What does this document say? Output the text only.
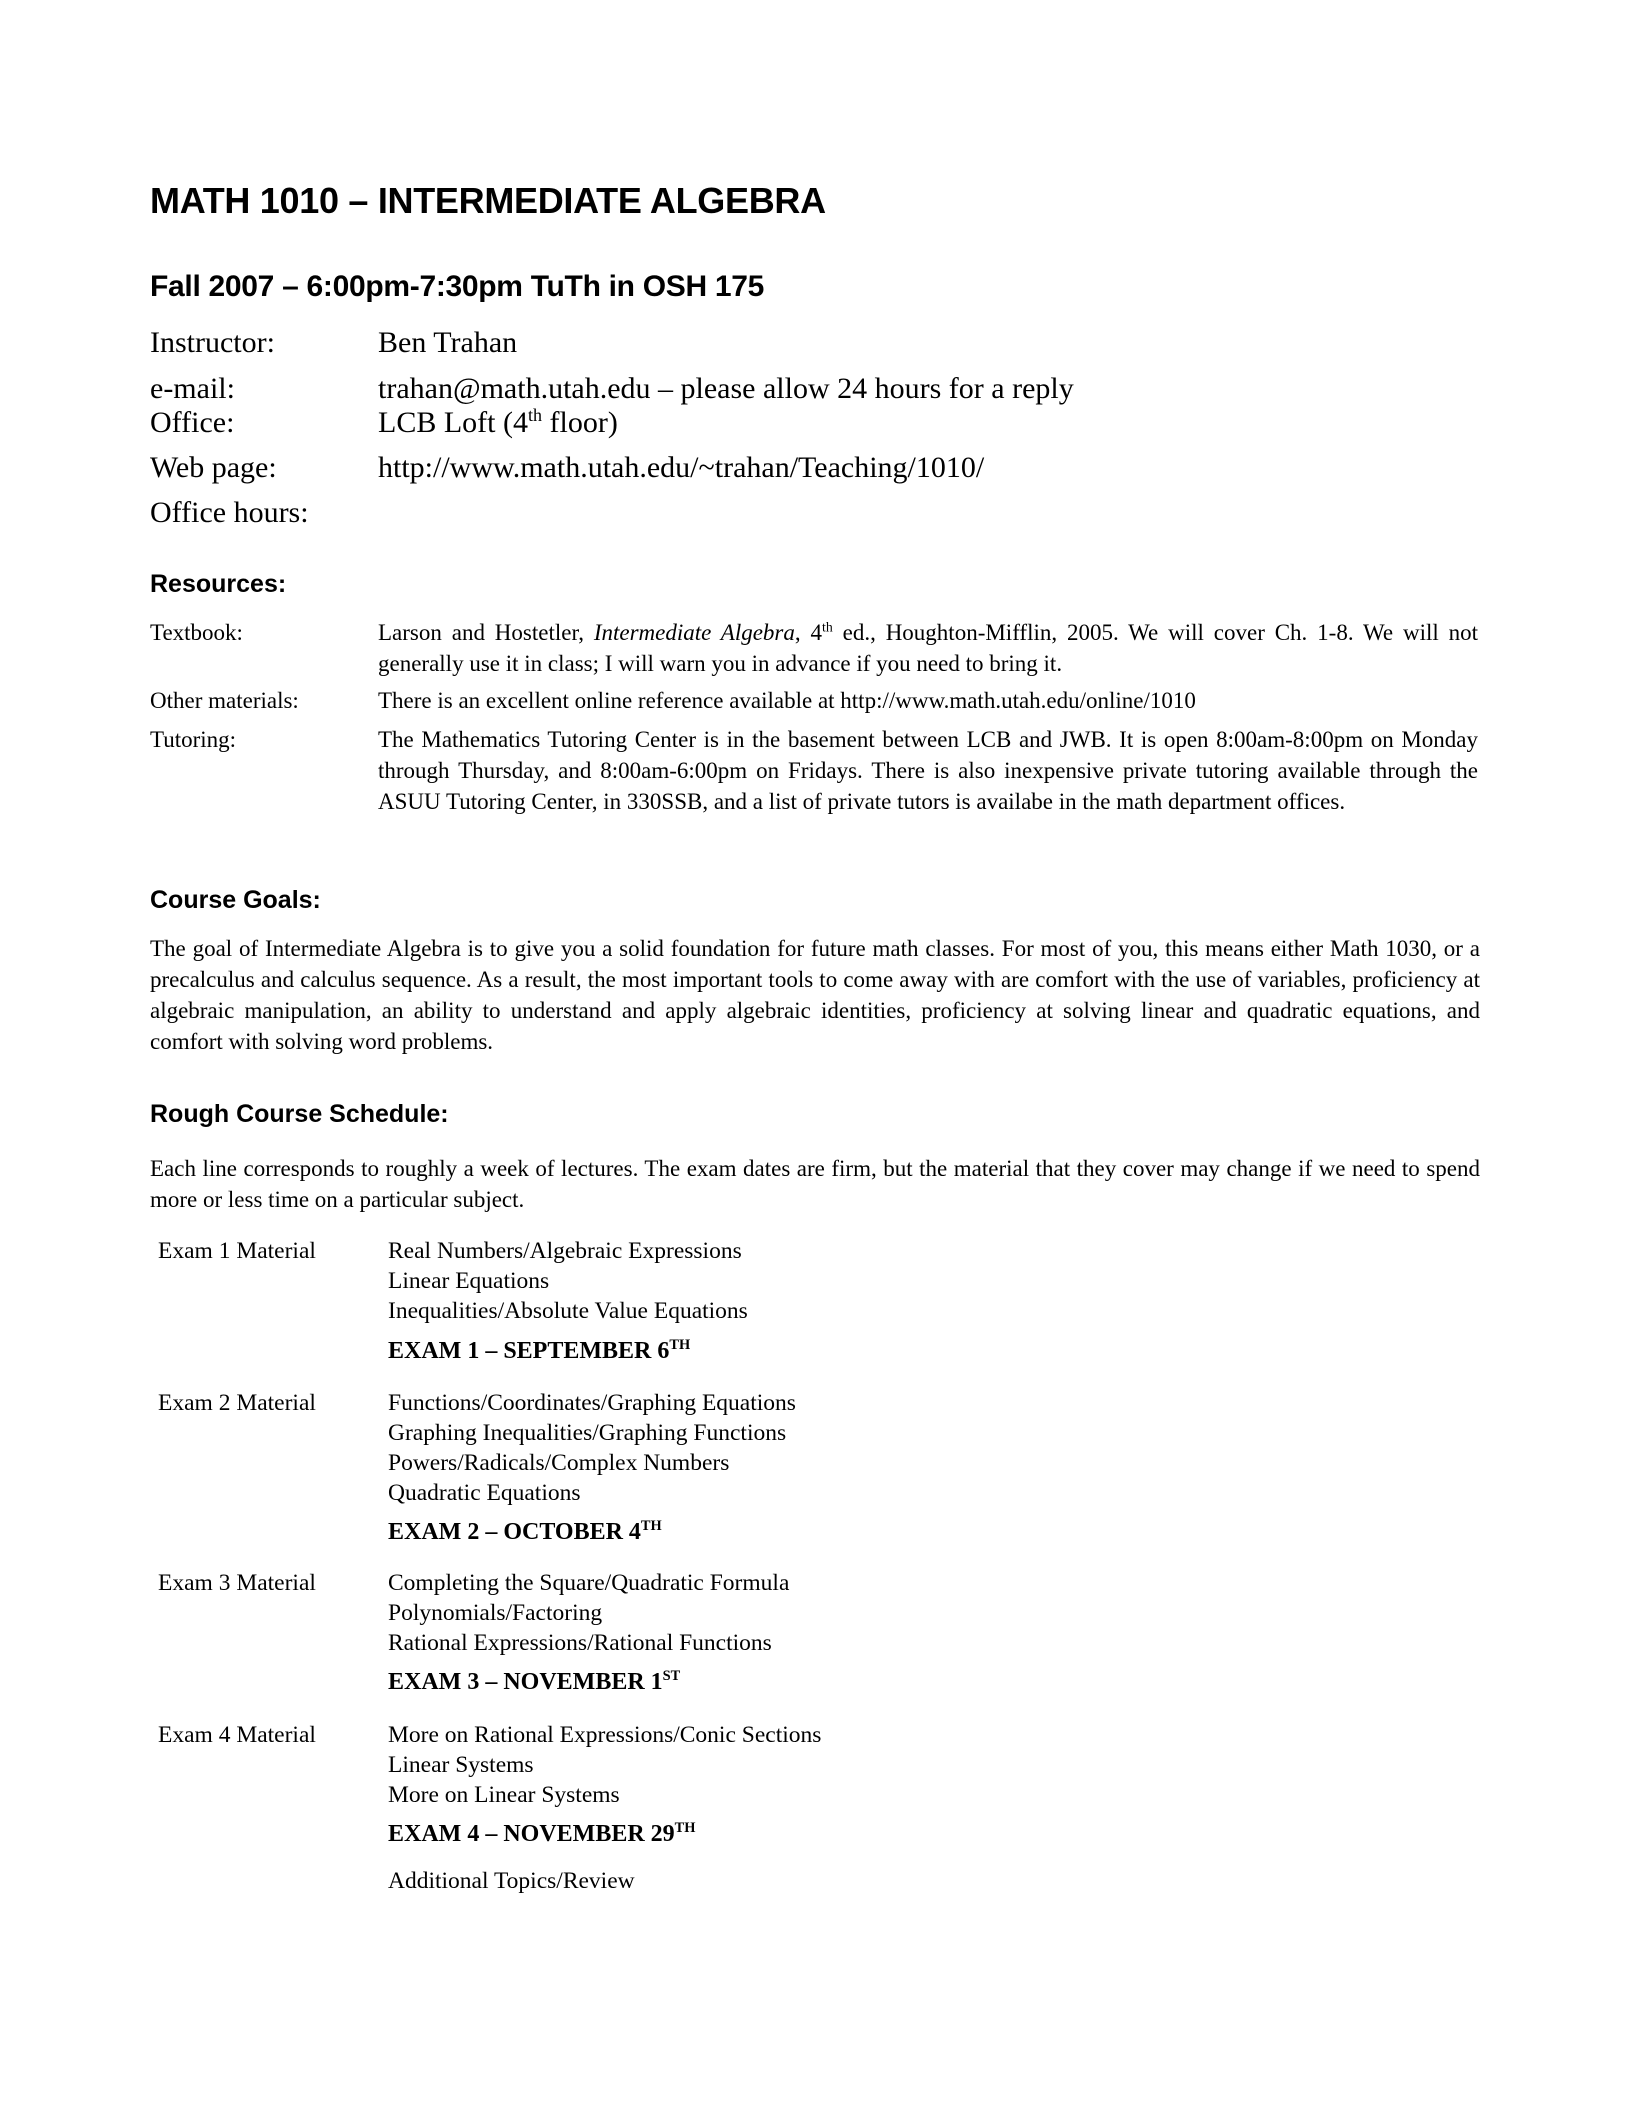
MATH 1010 – INTERMEDIATE ALGEBRA
Fall 2007 – 6:00pm-7:30pm TuTh in OSH 175
Instructor:	Ben Trahan
e-mail:	trahan@math.utah.edu – please allow 24 hours for a reply
Office:	LCB Loft (4th floor)
Web page:	http://www.math.utah.edu/~trahan/Teaching/1010/
Office hours:
Resources:
Textbook:	Larson and Hostetler, Intermediate Algebra, 4th ed., Houghton-Mifflin, 2005. We will cover Ch. 1-8. We will not generally use it in class; I will warn you in advance if you need to bring it.
Other materials:	There is an excellent online reference available at http://www.math.utah.edu/online/1010
Tutoring:	The Mathematics Tutoring Center is in the basement between LCB and JWB. It is open 8:00am-8:00pm on Monday through Thursday, and 8:00am-6:00pm on Fridays. There is also inexpensive private tutoring available through the ASUU Tutoring Center, in 330SSB, and a list of private tutors is availabe in the math department offices.
Course Goals:

The goal of Intermediate Algebra is to give you a solid foundation for future math classes. For most of you, this means either Math 1030, or a precalculus and calculus sequence. As a result, the most important tools to come away with are comfort with the use of variables, proficiency at algebraic manipulation, an ability to understand and apply algebraic identities, proficiency at solving linear and quadratic equations, and comfort with solving word problems.

Rough Course Schedule:

Each line corresponds to roughly a week of lectures. The exam dates are firm, but the material that they cover may change if we need to spend more or less time on a particular subject.

Exam 1 Material	Real Numbers/Algebraic Expressions
Linear Equations
Inequalities/Absolute Value Equations
EXAM 1 – SEPTEMBER 6TH
Exam 2 Material	Functions/Coordinates/Graphing Equations
Graphing Inequalities/Graphing Functions
Powers/Radicals/Complex Numbers
Quadratic Equations
EXAM 2 – OCTOBER 4TH
Exam 3 Material	Completing the Square/Quadratic Formula
Polynomials/Factoring
Rational Expressions/Rational Functions
EXAM 3 – NOVEMBER 1ST
Exam 4 Material	More on Rational Expressions/Conic Sections
Linear Systems
More on Linear Systems
EXAM 4 – NOVEMBER 29TH
Additional Topics/Review
